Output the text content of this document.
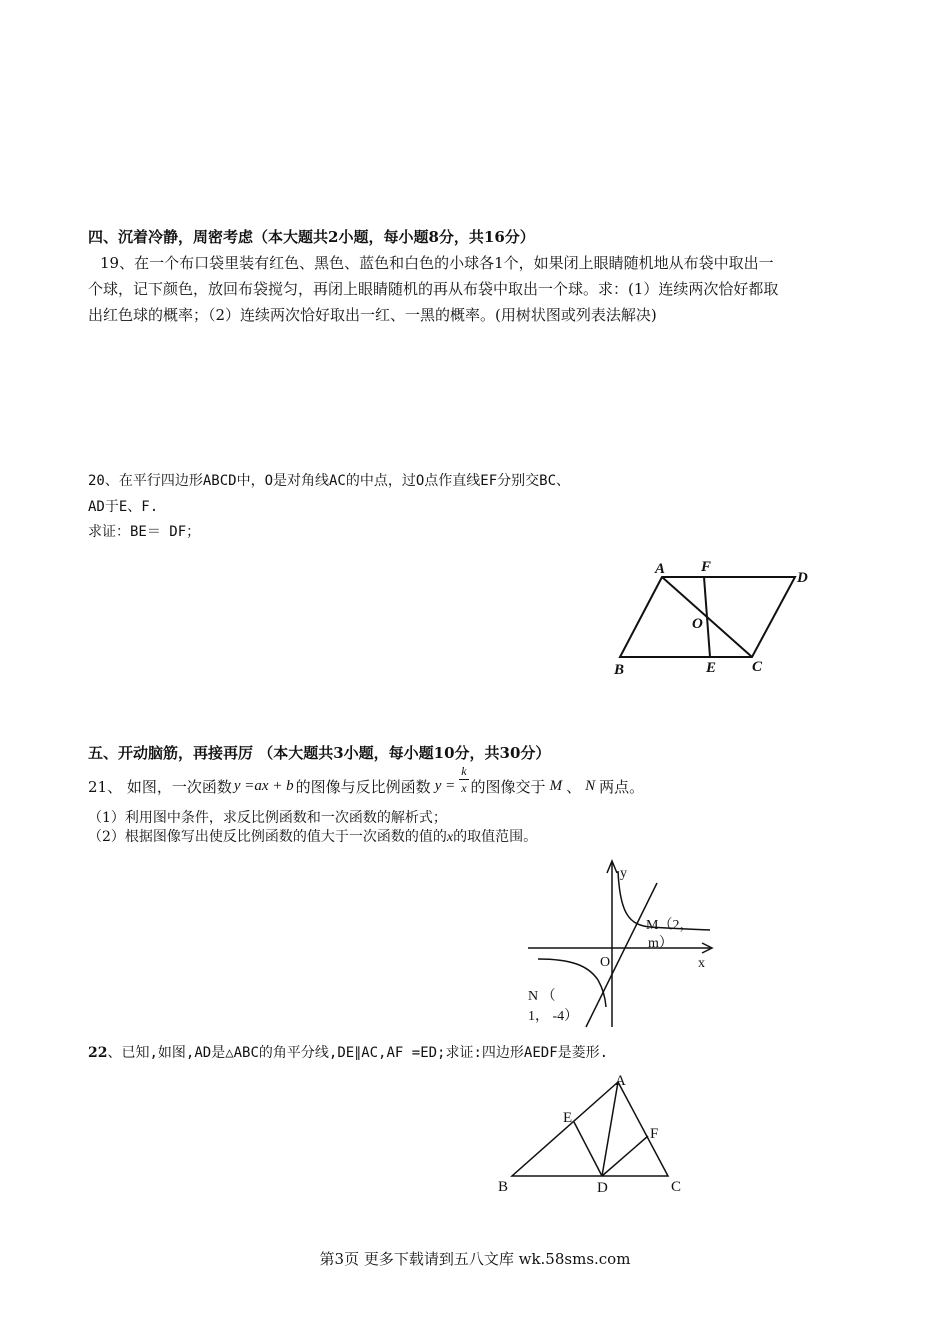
四、沉着冷静，周密考虑（本大题共2小题，每小题8分，共16分）
19、在一个布口袋里装有红色、黑色、蓝色和白色的小球各1个，如果闭上眼睛随机地从布袋中取出一
个球，记下颜色，放回布袋搅匀，再闭上眼睛随机的再从布袋中取出一个球。求：(1）连续两次恰好都取
出红色球的概率；（2）连续两次恰好取出一红、一黑的概率。(用树状图或列表法解决)
20、在平行四边形ABCD中，O是对角线AC的中点，过O点作直线EF分别交BC、
AD于E、F.
求证：BE＝ DF；
A F
D
O
B	E C
五、开动脑筋，再接再厉 （本大题共3小题，每小题10分，共30分）
21、 如图，一次函数 y =ax + b 的图像与反比例函数 $y = \frac{k}{x}$ 的图像交于 M 、 N 两点。
（1）利用图中条件，求反比例函数和一次函数的解析式；
（2）根据图像写出使反比例函数的值大于一次函数的值的x的取值范围。
y
x
O
M（2，
m）
N （
1， -4）
22、已知,如图,AD是△ABC的角平分线,DE∥AC,AF =ED;求证:四边形AEDF是菱形.
A
E
F
B	D	C
第3页 更多下载请到五八文库 wk.58sms.com
